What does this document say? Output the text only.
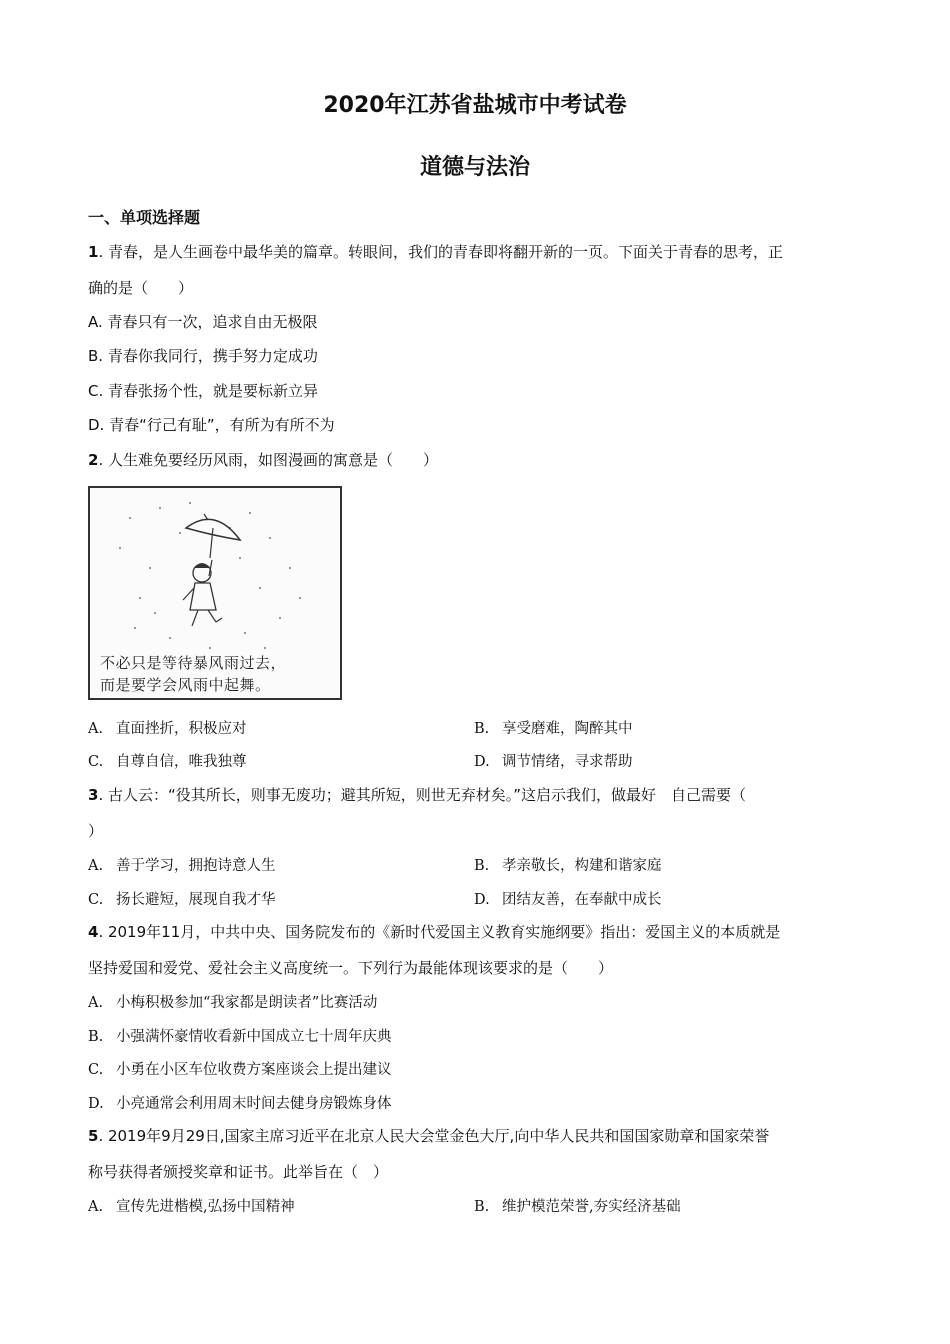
2020年江苏省盐城市中考试卷
道德与法治
一、单项选择题
1. 青春，是人生画卷中最华美的篇章。转眼间，我们的青春即将翻开新的一页。下面关于青春的思考，正
确的是（　　）
A. 青春只有一次，追求自由无极限
B. 青春你我同行，携手努力定成功
C. 青春张扬个性，就是要标新立异
D. 青春“行己有耻”，有所为有所不为
2. 人生难免要经历风雨，如图漫画的寓意是（　　）
不必只是等待暴风雨过去，
而是要学会风雨中起舞。
A. 直面挫折，积极应对	B. 享受磨难，陶醉其中
C. 自尊自信，唯我独尊	D. 调节情绪，寻求帮助
3. 古人云：“役其所长，则事无废功；避其所短，则世无弃材矣。”这启示我们，做最好　自己需要（
）
A. 善于学习，拥抱诗意人生	B. 孝亲敬长，构建和谐家庭
C. 扬长避短，展现自我才华	D. 团结友善，在奉献中成长
4. 2019年11月，中共中央、国务院发布的《新时代爱国主义教育实施纲要》指出：爱国主义的本质就是
坚持爱国和爱党、爱社会主义高度统一。下列行为最能体现该要求的是（　　）
A. 小梅积极参加“我家都是朗读者”比赛活动
B. 小强满怀豪情收看新中国成立七十周年庆典
C. 小勇在小区车位收费方案座谈会上提出建议
D. 小亮通常会利用周末时间去健身房锻炼身体
5. 2019年9月29日,国家主席习近平在北京人民大会堂金色大厅,向中华人民共和国国家勋章和国家荣誉
称号获得者颁授奖章和证书。此举旨在（　）
A. 宣传先进楷模,弘扬中国精神	B. 维护模范荣誉,夯实经济基础
